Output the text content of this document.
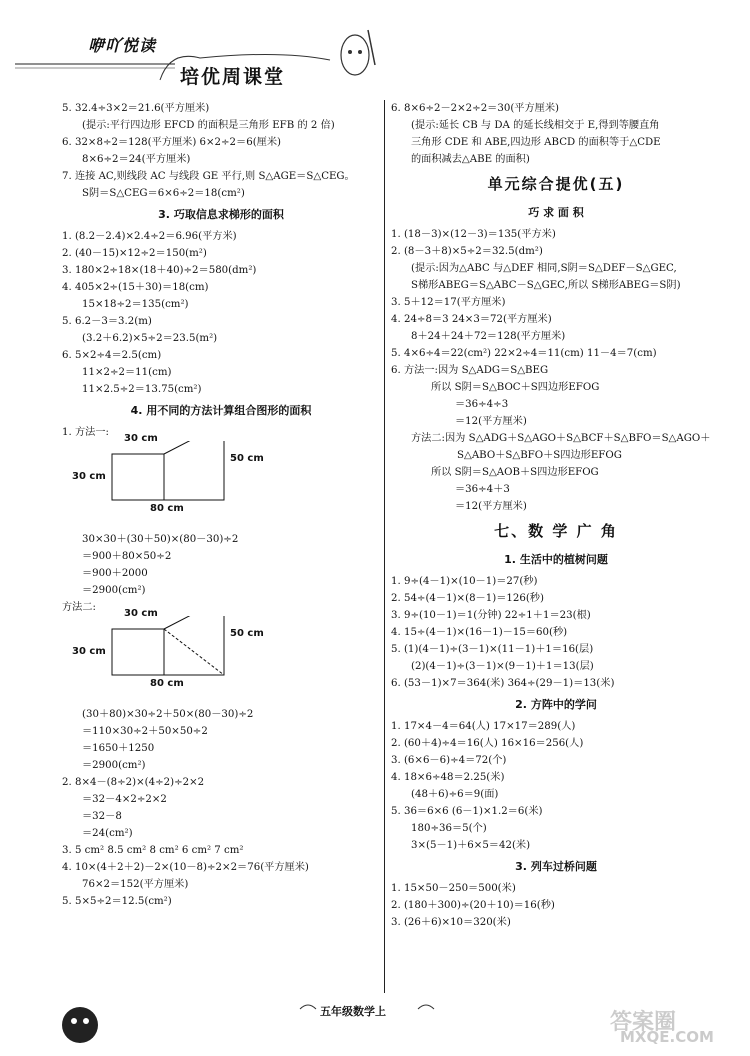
咿吖悦读
培优周课堂
5. 32.4÷3×2＝21.6(平方厘米)
(提示:平行四边形 EFCD 的面积是三角形 EFB 的 2 倍)
6. 32×8÷2＝128(平方厘米) 6×2÷2＝6(厘米)
8×6÷2＝24(平方厘米)
7. 连接 AC,则线段 AC 与线段 GE 平行,则 S△AGE＝S△CEG。
S阴＝S△CEG＝6×6÷2＝18(cm²)
3. 巧取信息求梯形的面积
1. (8.2－2.4)×2.4÷2＝6.96(平方米)
2. (40－15)×12÷2＝150(m²)
3. 180×2÷18×(18＋40)÷2＝580(dm²)
4. 405×2÷(15＋30)＝18(cm)
15×18÷2＝135(cm²)
5. 6.2－3＝3.2(m)
(3.2＋6.2)×5÷2＝23.5(m²)
6. 5×2÷4＝2.5(cm)
11×2÷2＝11(cm)
11×2.5÷2＝13.75(cm²)
4. 用不同的方法计算组合图形的面积
1. 方法一:
30 cm
30 cm
50 cm
80 cm
30×30＋(30＋50)×(80－30)÷2
＝900＋80×50÷2
＝900＋2000
＝2900(cm²)
方法二:
30 cm
30 cm
50 cm
80 cm
(30＋80)×30÷2＋50×(80－30)÷2
＝110×30÷2＋50×50÷2
＝1650＋1250
＝2900(cm²)
2. 8×4－(8÷2)×(4÷2)÷2×2
＝32－4×2÷2×2
＝32－8
＝24(cm²)
3. 5 cm² 8.5 cm² 8 cm² 6 cm² 7 cm²
4. 10×(4＋2＋2)－2×(10－8)÷2×2＝76(平方厘米)
76×2＝152(平方厘米)
5. 5×5÷2＝12.5(cm²)
6. 8×6÷2－2×2÷2＝30(平方厘米)
(提示:延长 CB 与 DA 的延长线相交于 E,得到等腰直角
三角形 CDE 和 ABE,四边形 ABCD 的面积等于△CDE
的面积减去△ABE 的面积)
单元综合提优(五)
巧 求 面 积
1. (18－3)×(12－3)＝135(平方米)
2. (8－3＋8)×5÷2＝32.5(dm²)
(提示:因为△ABC 与△DEF 相同,S阴＝S△DEF－S△GEC,
S梯形ABEG＝S△ABC－S△GEC,所以 S梯形ABEG＝S阴)
3. 5＋12＝17(平方厘米)
4. 24÷8＝3 24×3＝72(平方厘米)
8＋24＋24＋72＝128(平方厘米)
5. 4×6÷4＝22(cm²) 22×2÷4＝11(cm) 11－4＝7(cm)
6. 方法一:因为 S△ADG＝S△BEG
所以 S阴＝S△BOC＋S四边形EFOG
＝36÷4÷3
＝12(平方厘米)
方法二:因为 S△ADG＋S△AGO＋S△BCF＋S△BFO＝S△AGO＋
S△ABO＋S△BFO＋S四边形EFOG
所以 S阴＝S△AOB＋S四边形EFOG
＝36÷4＋3
＝12(平方厘米)
七、数 学 广 角
1. 生活中的植树问题
1. 9÷(4－1)×(10－1)＝27(秒)
2. 54÷(4－1)×(8－1)＝126(秒)
3. 9÷(10－1)＝1(分钟) 22÷1＋1＝23(根)
4. 15÷(4－1)×(16－1)－15＝60(秒)
5. (1)(4－1)÷(3－1)×(11－1)＋1＝16(层)
(2)(4－1)÷(3－1)×(9－1)＋1＝13(层)
6. (53－1)×7＝364(米) 364÷(29－1)＝13(米)
2. 方阵中的学问
1. 17×4－4＝64(人) 17×17＝289(人)
2. (60＋4)÷4＝16(人) 16×16＝256(人)
3. (6×6－6)÷4＝72(个)
4. 18×6÷48＝2.25(米)
(48＋6)÷6＝9(面)
5. 36＝6×6 (6－1)×1.2＝6(米)
180÷36＝5(个)
3×(5－1)＋6×5＝42(米)
3. 列车过桥问题
1. 15×50－250＝500(米)
2. (180＋300)÷(20＋10)＝16(秒)
3. (26＋6)×10＝320(米)
五年级数学上	答案圈
MXQE.COM
